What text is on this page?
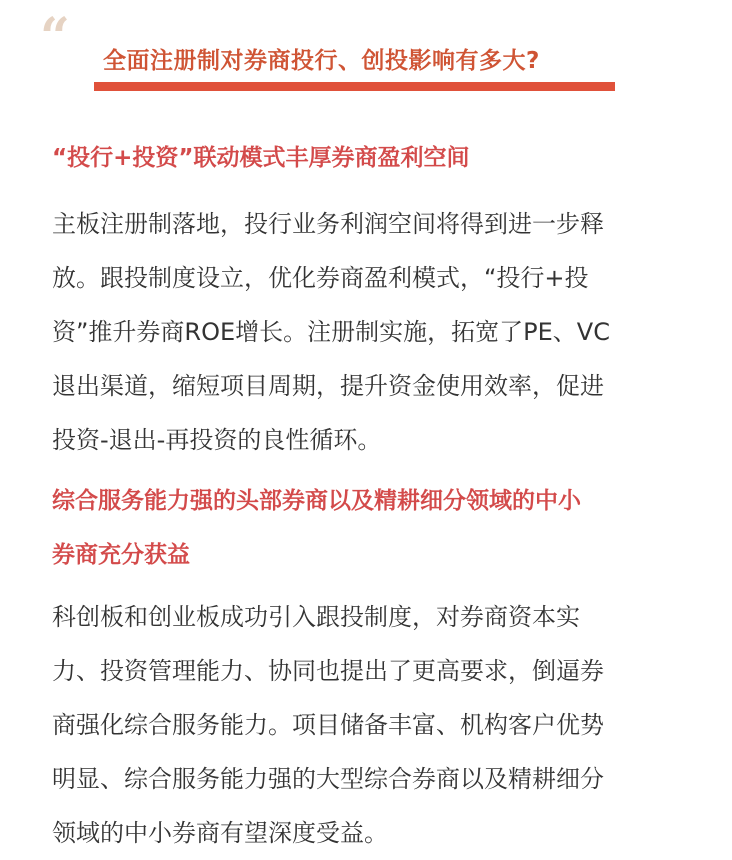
“ 全面注册制对券商投行、创投影响有多大?
“投行+投资”联动模式丰厚券商盈利空间
主板注册制落地，投行业务利润空间将得到进一步释
放。跟投制度设立，优化券商盈利模式，“投行+投
资”推升券商ROE增长。注册制实施，拓宽了PE、VC
退出渠道，缩短项目周期，提升资金使用效率，促进
投资-退出-再投资的良性循环。
综合服务能力强的头部券商以及精耕细分领域的中小
券商充分获益
科创板和创业板成功引入跟投制度，对券商资本实
力、投资管理能力、协同也提出了更高要求，倒逼券
商强化综合服务能力。项目储备丰富、机构客户优势
明显、综合服务能力强的大型综合券商以及精耕细分
领域的中小券商有望深度受益。
